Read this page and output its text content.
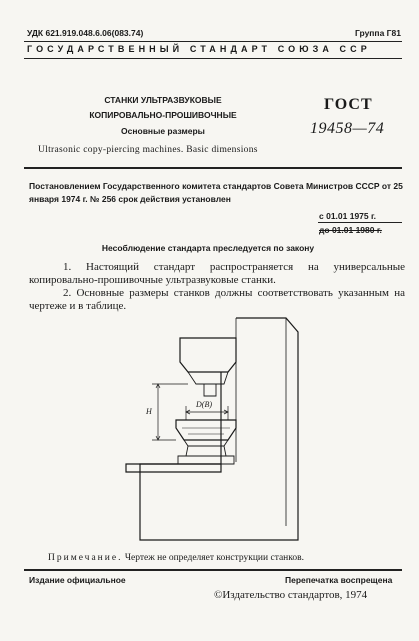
УДК 621.919.048.6.06(083.74)	Группа Г81
ГОСУДАРСТВЕННЫЙ СТАНДАРТ СОЮЗА ССР
СТАНКИ УЛЬТРАЗВУКОВЫЕ
КОПИРОВАЛЬНО-ПРОШИВОЧНЫЕ
Основные размеры
Ultrasonic copy-piercing machines. Basic dimensions
ГОСТ
19458—74
Постановлением Государственного комитета стандартов Совета Министров СССР от 25 января 1974 г. № 256 срок действия установлен
с 01.01 1975 г.
до 01.01 1980 г.
Несоблюдение стандарта преследуется по закону
1. Настоящий стандарт распространяется на универсальные копировально-прошивочные ультразвуковые станки.
2. Основные размеры станков должны соответствовать указанным на чертеже и в таблице.
H
D(B)
Примечание. Чертеж не определяет конструкции станков.
Издание официальное	Перепечатка воспрещена
©Издательство стандартов, 1974
